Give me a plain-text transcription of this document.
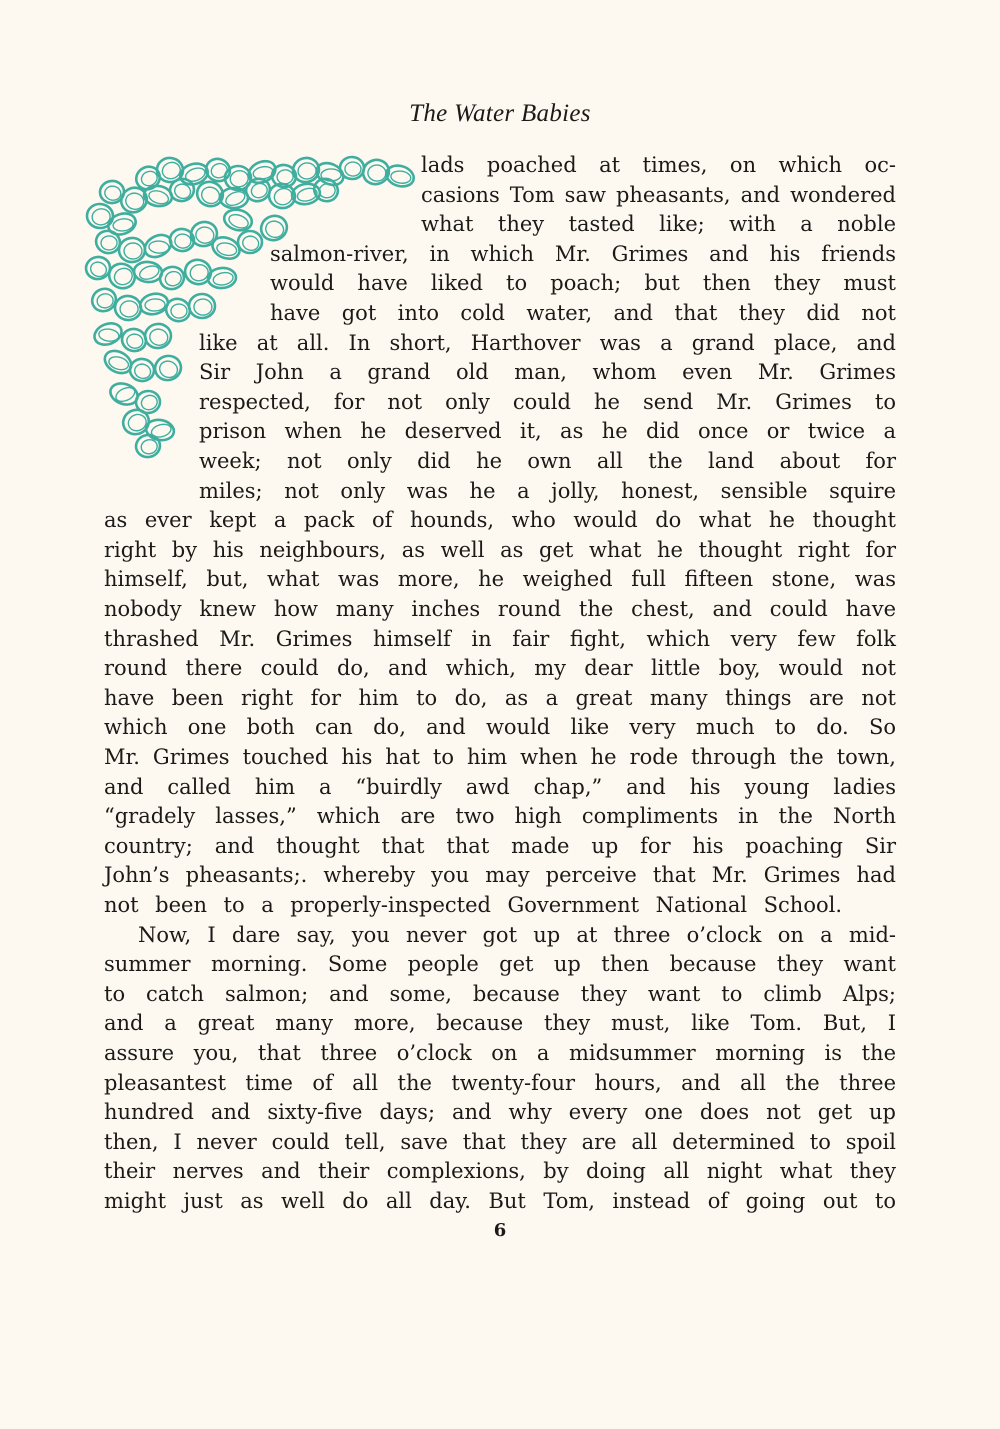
The Water Babies
lads poached at times, on which oc-
casions Tom saw pheasants, and wondered
what they tasted like; with a noble
salmon-river, in which Mr. Grimes and his friends
would have liked to poach; but then they must
have got into cold water, and that they did not
like at all. In short, Harthover was a grand place, and
Sir John a grand old man, whom even Mr. Grimes
respected, for not only could he send Mr. Grimes to
prison when he deserved it, as he did once or twice a
week; not only did he own all the land about for
miles; not only was he a jolly, honest, sensible squire
as ever kept a pack of hounds, who would do what he thought
right by his neighbours, as well as get what he thought right for
himself, but, what was more, he weighed full fifteen stone, was
nobody knew how many inches round the chest, and could have
thrashed Mr. Grimes himself in fair fight, which very few folk
round there could do, and which, my dear little boy, would not
have been right for him to do, as a great many things are not
which one both can do, and would like very much to do. So
Mr. Grimes touched his hat to him when he rode through the town,
and called him a “buirdly awd chap,” and his young ladies
“gradely lasses,” which are two high compliments in the North
country; and thought that that made up for his poaching Sir
John’s pheasants;. whereby you may perceive that Mr. Grimes had
not been to a properly-inspected Government National School.
Now, I dare say, you never got up at three o’clock on a mid-
summer morning. Some people get up then because they want
to catch salmon; and some, because they want to climb Alps;
and a great many more, because they must, like Tom. But, I
assure you, that three o’clock on a midsummer morning is the
pleasantest time of all the twenty-four hours, and all the three
hundred and sixty-five days; and why every one does not get up
then, I never could tell, save that they are all determined to spoil
their nerves and their complexions, by doing all night what they
might just as well do all day. But Tom, instead of going out to
6
